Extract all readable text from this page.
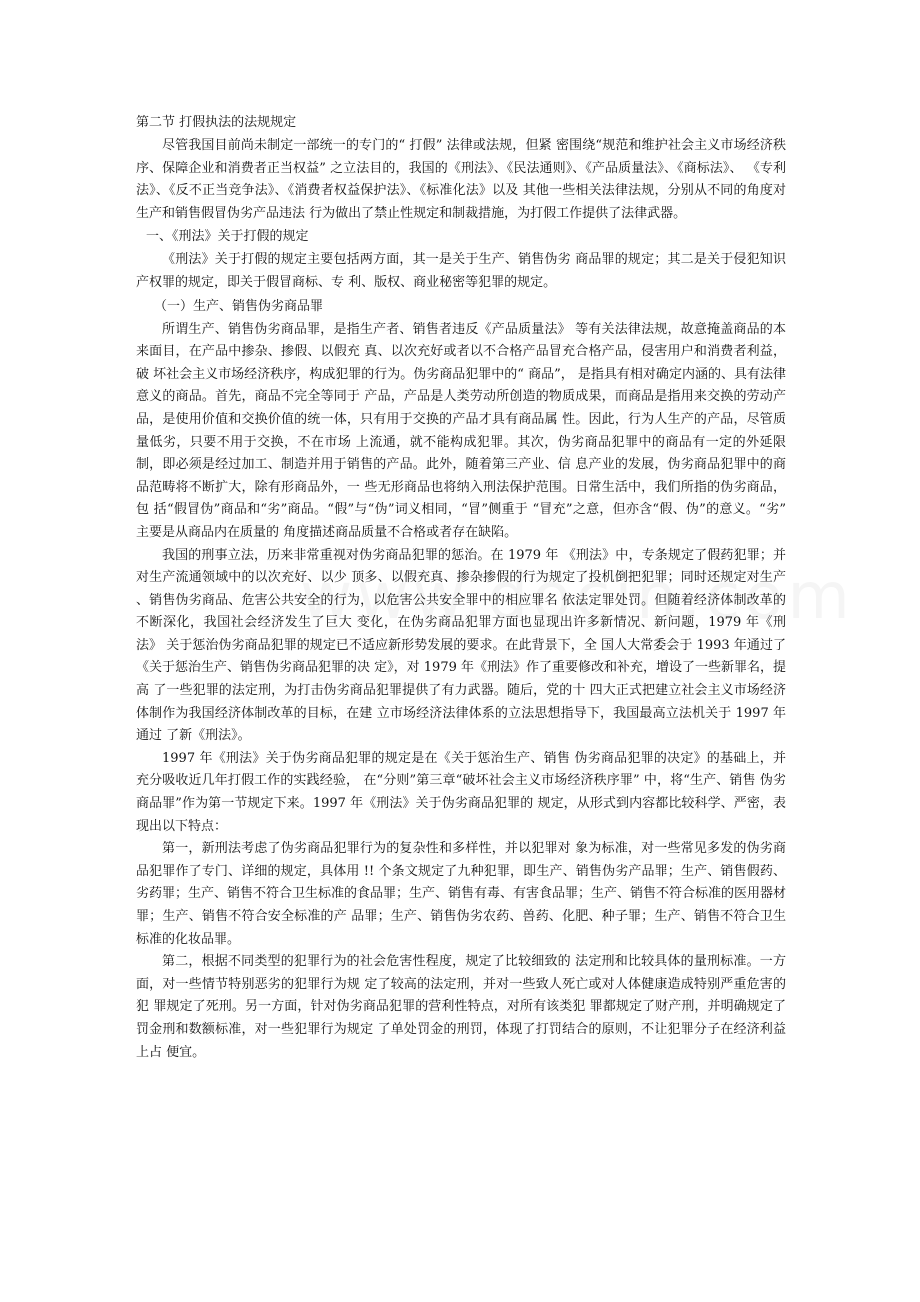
第二节 打假执法的法规规定

尽管我国目前尚未制定一部统一的专门的“ 打假” 法律或法规，但紧 密围绕“规范和维护社会主义市场经济秩序、保障企业和消费者正当权益” 之立法目的，我国的《刑法》、《民法通则》、《产品质量法》、《商标法》、 《专利法》、《反不正当竞争法》、《消费者权益保护法》、《标准化法》以及 其他一些相关法律法规，分别从不同的角度对生产和销售假冒伪劣产品违法 行为做出了禁止性规定和制裁措施，为打假工作提供了法律武器。

一、《刑法》关于打假的规定

《刑法》关于打假的规定主要包括两方面，其一是关于生产、销售伪劣 商品罪的规定；其二是关于侵犯知识产权罪的规定，即关于假冒商标、专 利、版权、商业秘密等犯罪的规定。

（一）生产、销售伪劣商品罪

所谓生产、销售伪劣商品罪，是指生产者、销售者违反《产品质量法》 等有关法律法规，故意掩盖商品的本来面目，在产品中掺杂、掺假、以假充 真、以次充好或者以不合格产品冒充合格产品，侵害用户和消费者利益，破 坏社会主义市场经济秩序，构成犯罪的行为。伪劣商品犯罪中的“ 商品”， 是指具有相对确定内涵的、具有法律意义的商品。首先，商品不完全等同于 产品，产品是人类劳动所创造的物质成果，而商品是指用来交换的劳动产品，是使用价值和交换价值的统一体，只有用于交换的产品才具有商品属 性。因此，行为人生产的产品，尽管质量低劣，只要不用于交换，不在市场 上流通，就不能构成犯罪。其次，伪劣商品犯罪中的商品有一定的外延限 制，即必须是经过加工、制造并用于销售的产品。此外，随着第三产业、信 息产业的发展，伪劣商品犯罪中的商品范畴将不断扩大，除有形商品外，一 些无形商品也将纳入刑法保护范围。日常生活中，我们所指的伪劣商品，包 括“假冒伪”商品和“劣”商品。“假”与“伪”词义相同，“冒”侧重于 “冒充”之意，但亦含“假、伪”的意义。“劣” 主要是从商品内在质量的 角度描述商品质量不合格或者存在缺陷。

我国的刑事立法，历来非常重视对伪劣商品犯罪的惩治。在 1979 年 《刑法》中，专条规定了假药犯罪；并对生产流通领域中的以次充好、以少 顶多、以假充真、掺杂掺假的行为规定了投机倒把犯罪；同时还规定对生产 、销售伪劣商品、危害公共安全的行为，以危害公共安全罪中的相应罪名 依法定罪处罚。但随着经济体制改革的不断深化，我国社会经济发生了巨大 变化，在伪劣商品犯罪方面也显现出许多新情况、新问题，1979 年《刑法》 关于惩治伪劣商品犯罪的规定已不适应新形势发展的要求。在此背景下，全 国人大常委会于 1993 年通过了《关于惩治生产、销售伪劣商品犯罪的决 定》，对 1979 年《刑法》作了重要修改和补充，增设了一些新罪名，提高 了一些犯罪的法定刑，为打击伪劣商品犯罪提供了有力武器。随后，党的十 四大正式把建立社会主义市场经济体制作为我国经济体制改革的目标，在建 立市场经济法律体系的立法思想指导下，我国最高立法机关于 1997 年通过 了新《刑法》。

1997 年《刑法》关于伪劣商品犯罪的规定是在《关于惩治生产、销售 伪劣商品犯罪的决定》的基础上，并充分吸收近几年打假工作的实践经验， 在“分则”第三章“破坏社会主义市场经济秩序罪” 中，将“生产、销售 伪劣商品罪”作为第一节规定下来。1997 年《刑法》关于伪劣商品犯罪的 规定，从形式到内容都比较科学、严密，表现出以下特点：

第一，新刑法考虑了伪劣商品犯罪行为的复杂性和多样性，并以犯罪对 象为标准，对一些常见多发的伪劣商品犯罪作了专门、详细的规定，具体用 !! 个条文规定了九种犯罪，即生产、销售伪劣产品罪；生产、销售假药、 劣药罪；生产、销售不符合卫生标准的食品罪；生产、销售有毒、有害食品罪；生产、销售不符合标准的医用器材罪；生产、销售不符合安全标准的产 品罪；生产、销售伪劣农药、兽药、化肥、种子罪；生产、销售不符合卫生 标准的化妆品罪。

第二，根据不同类型的犯罪行为的社会危害性程度，规定了比较细致的 法定刑和比较具体的量刑标准。一方面，对一些情节特别恶劣的犯罪行为规 定了较高的法定刑，并对一些致人死亡或对人体健康造成特别严重危害的犯 罪规定了死刑。另一方面，针对伪劣商品犯罪的营利性特点，对所有该类犯 罪都规定了财产刑，并明确规定了罚金刑和数额标准，对一些犯罪行为规定 了单处罚金的刑罚，体现了打罚结合的原则，不让犯罪分子在经济利益上占 便宜。
